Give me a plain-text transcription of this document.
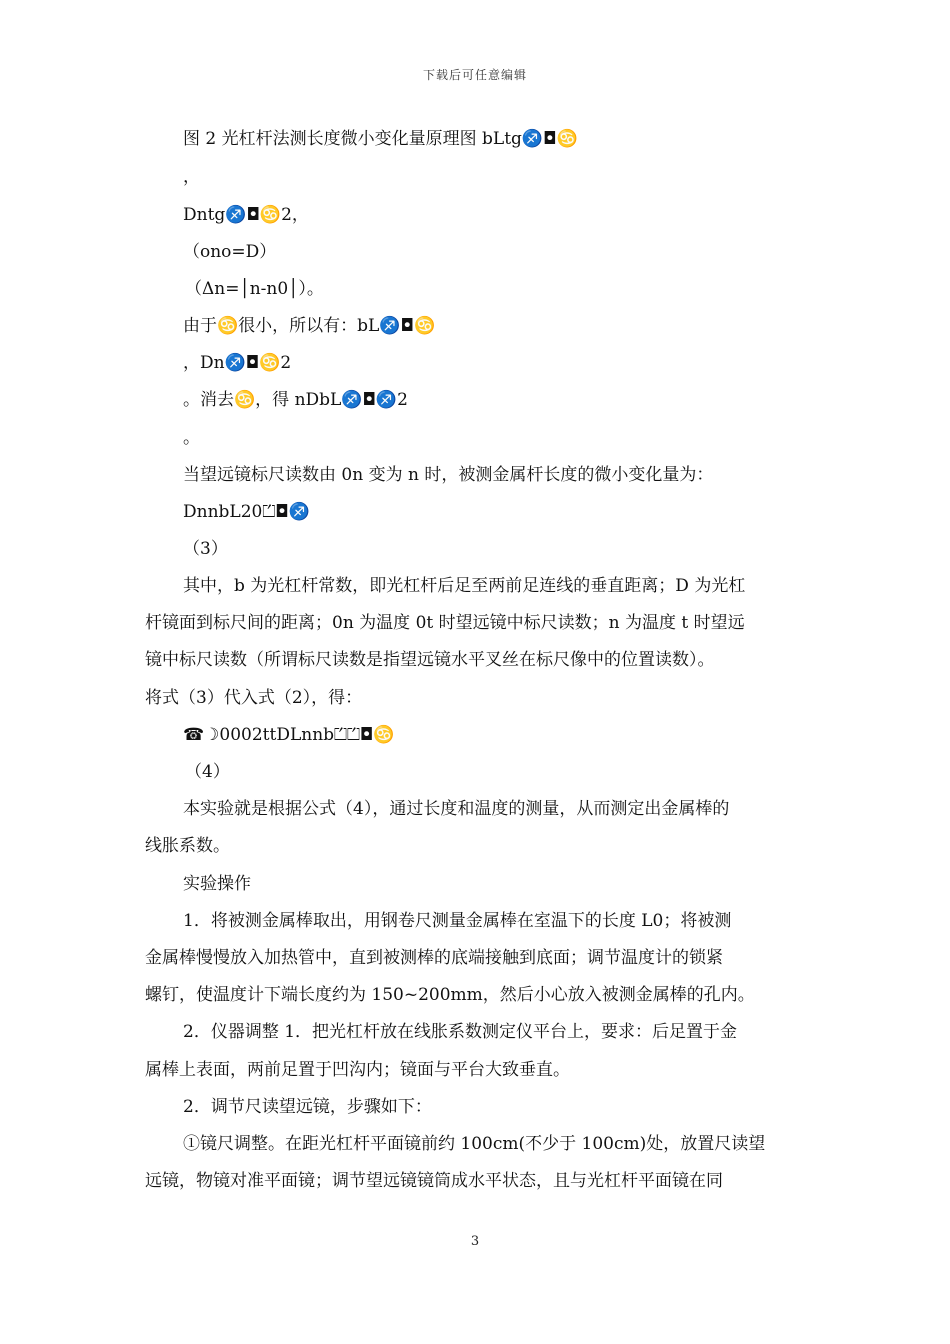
下载后可任意编辑
图 2 光杠杆法测长度微小变化量原理图 bLtg♐◘♋
，
Dntg♐◘♋2，
（ono=D）
（Δn=│n-n0│）。
由于♋很小，所以有：bL♐◘♋
，Dn♐◘♋2
。消去♋，得 nDbL♐◘♐2
。
当望远镜标尺读数由 0n 变为 n 时，被测金属杆长度的微小变化量为：
DnnbL20⏍◘♐
（3）
其中，b 为光杠杆常数，即光杠杆后足至两前足连线的垂直距离；D 为光杠
杆镜面到标尺间的距离；0n 为温度 0t 时望远镜中标尺读数；n 为温度 t 时望远
镜中标尺读数（所谓标尺读数是指望远镜水平叉丝在标尺像中的位置读数）。
将式（3）代入式（2），得：
☎☽0002ttDLnnb⏍⏍◘♋
（4）
本实验就是根据公式（4），通过长度和温度的测量，从而测定出金属棒的
线胀系数。
实验操作
1．将被测金属棒取出，用钢卷尺测量金属棒在室温下的长度 L0；将被测
金属棒慢慢放入加热管中，直到被测棒的底端接触到底面；调节温度计的锁紧
螺钉，使温度计下端长度约为 150~200mm，然后小心放入被测金属棒的孔内。
2．仪器调整 1．把光杠杆放在线胀系数测定仪平台上，要求：后足置于金
属棒上表面，两前足置于凹沟内；镜面与平台大致垂直。
2．调节尺读望远镜，步骤如下：
①镜尺调整。在距光杠杆平面镜前约 100cm(不少于 100cm)处，放置尺读望
远镜，物镜对准平面镜；调节望远镜镜筒成水平状态，且与光杠杆平面镜在同
3
